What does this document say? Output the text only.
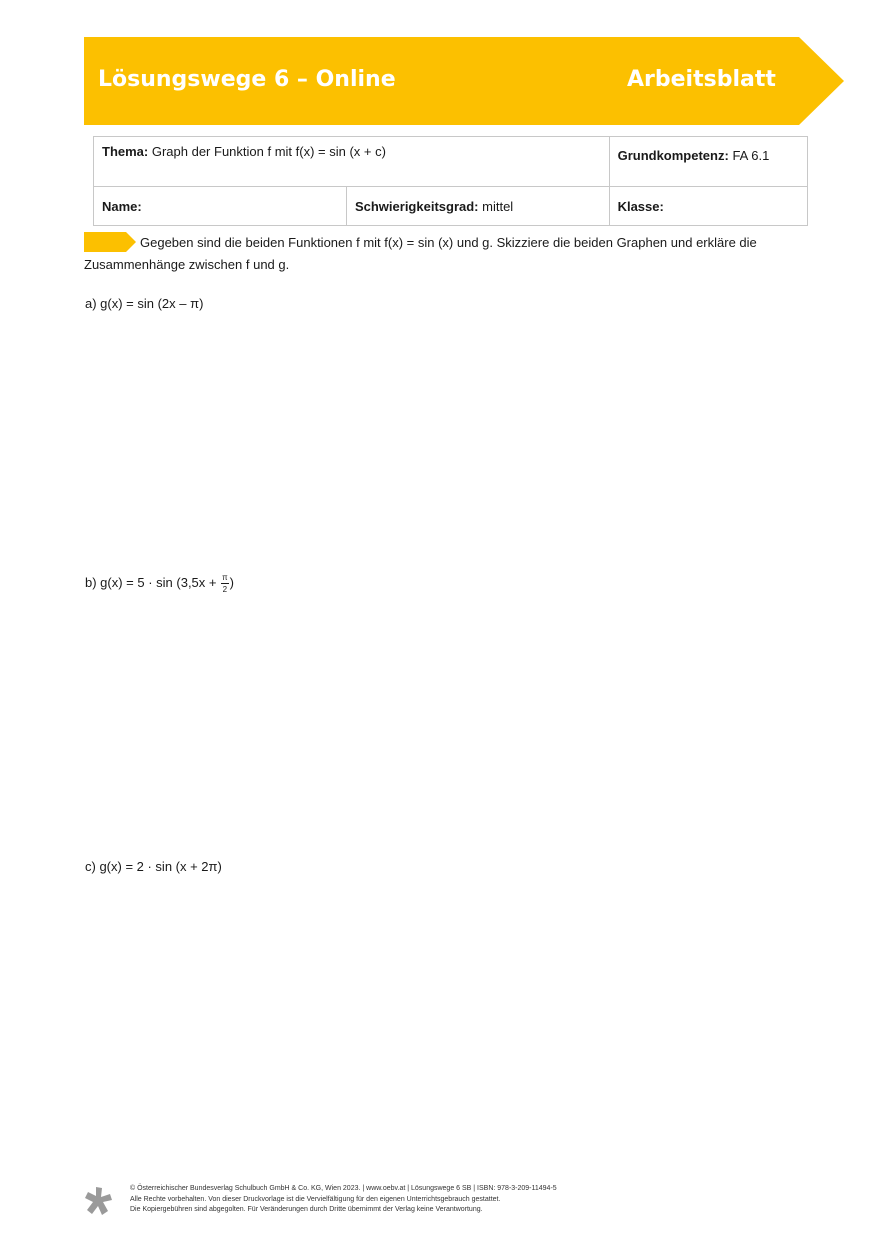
Lösungswege 6 – Online	Arbeitsblatt
Thema: Graph der Funktion f mit f(x) = sin (x + c)		Grundkompetenz: FA 6.1
Name:	Schwierigkeitsgrad: mittel	Klasse:
Gegeben sind die beiden Funktionen f mit f(x) = sin (x) und g. Skizziere die beiden Graphen und erkläre die Zusammenhänge zwischen f und g.
a) g(x) = sin (2x – π)
b) $g(x) = 5 \cdot \sin (3,5x + \frac{\pi}{2}$ )
c) g(x) = 2 · sin (x + 2π)
© Österreichischer Bundesverlag Schulbuch GmbH & Co. KG, Wien 2023. | www.oebv.at | Lösungswege 6 SB | ISBN: 978-3-209-11494-5
Alle Rechte vorbehalten. Von dieser Druckvorlage ist die Vervielfältigung für den eigenen Unterrichtsgebrauch gestattet.
Die Kopiergebühren sind abgegolten. Für Veränderungen durch Dritte übernimmt der Verlag keine Verantwortung.
